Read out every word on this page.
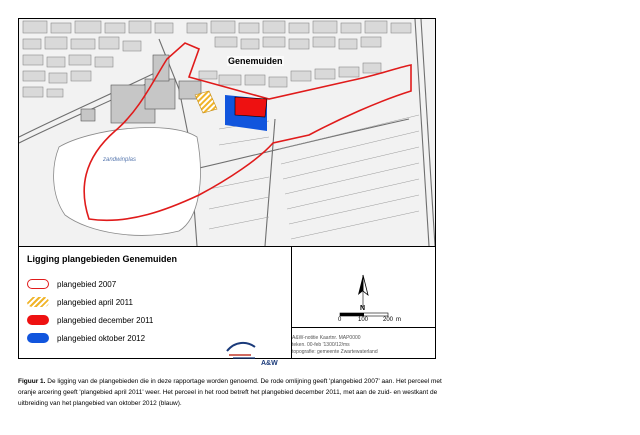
Genemuiden
zandwinplas
Ligging plangebieden Genemuiden
plangebied 2007
plangebied april 2011
plangebied december 2011
plangebied oktober 2012
N
0	100 200 m
A&W-notitie Kaartnr. MAP0000
teken. 00-feb '1300/12/ms
topografie: gemeente Zwartewaterland
A&W
Figuur 1. De ligging van de plangebieden die in deze rapportage worden genoemd. De rode omlijning geeft 'plangebied 2007' aan. Het perceel met oranje arcering geeft 'plangebied april 2011' weer. Het perceel in het rood betreft het plangebied december 2011, met aan de zuid- en westkant de uitbreiding van het plangebied van oktober 2012 (blauw).
